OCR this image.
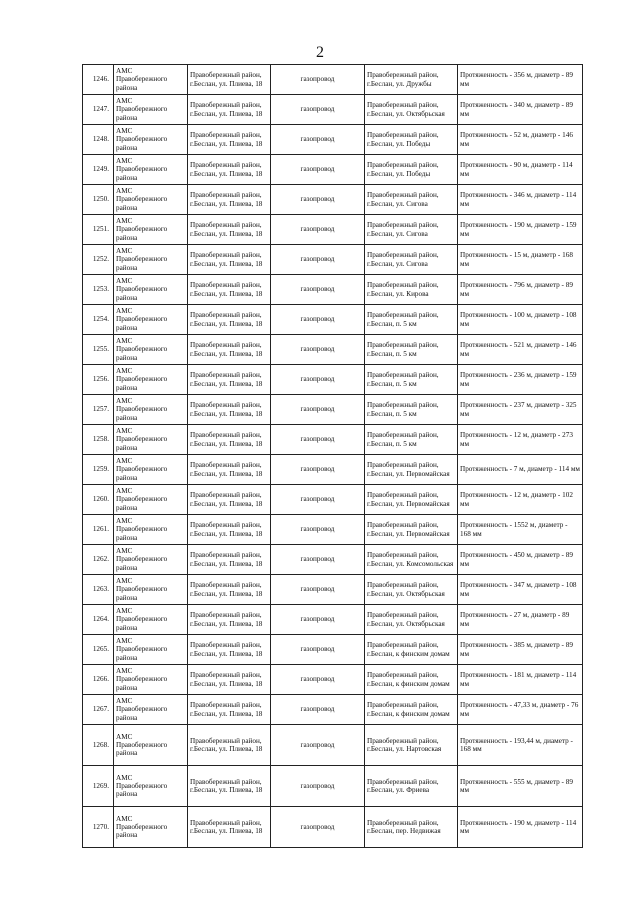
2
1246.	АМС Правобережного района	Правобережный район, г.Беслан, ул. Плиева, 18	газопровод	Правобережный район, г.Беслан, ул. Дружбы	Протяженность - 356 м, диаметр - 89 мм
1247.	АМС Правобережного района	Правобережный район, г.Беслан, ул. Плиева, 18	газопровод	Правобережный район, г.Беслан, ул. Октябрьская	Протяженность - 340 м, диаметр - 89 мм
1248.	АМС Правобережного района	Правобережный район, г.Беслан, ул. Плиева, 18	газопровод	Правобережный район, г.Беслан, ул. Победы	Протяженность - 52 м, диаметр - 146 мм
1249.	АМС Правобережного района	Правобережный район, г.Беслан, ул. Плиева, 18	газопровод	Правобережный район, г.Беслан, ул. Победы	Протяженность - 90 м, диаметр - 114 мм
1250.	АМС Правобережного района	Правобережный район, г.Беслан, ул. Плиева, 18	газопровод	Правобережный район, г.Беслан, ул. Сигова	Протяженность - 346 м, диаметр - 114 мм
1251.	АМС Правобережного района	Правобережный район, г.Беслан, ул. Плиева, 18	газопровод	Правобережный район, г.Беслан, ул. Сигова	Протяженность - 190 м, диаметр - 159 мм
1252.	АМС Правобережного района	Правобережный район, г.Беслан, ул. Плиева, 18	газопровод	Правобережный район, г.Беслан, ул. Сигова	Протяженность - 15 м, диаметр - 168 мм
1253.	АМС Правобережного района	Правобережный район, г.Беслан, ул. Плиева, 18	газопровод	Правобережный район, г.Беслан, ул. Кирова	Протяженность - 796 м, диаметр - 89 мм
1254.	АМС Правобережного района	Правобережный район, г.Беслан, ул. Плиева, 18	газопровод	Правобережный район, г.Беслан, п. 5 км	Протяженность - 100 м, диаметр - 108 мм
1255.	АМС Правобережного района	Правобережный район, г.Беслан, ул. Плиева, 18	газопровод	Правобережный район, г.Беслан, п. 5 км	Протяженность - 521 м, диаметр - 146 мм
1256.	АМС Правобережного района	Правобережный район, г.Беслан, ул. Плиева, 18	газопровод	Правобережный район, г.Беслан, п. 5 км	Протяженность - 236 м, диаметр - 159 мм
1257.	АМС Правобережного района	Правобережный район, г.Беслан, ул. Плиева, 18	газопровод	Правобережный район, г.Беслан, п. 5 км	Протяженность - 237 м, диаметр - 325 мм
1258.	АМС Правобережного района	Правобережный район, г.Беслан, ул. Плиева, 18	газопровод	Правобережный район, г.Беслан, п. 5 км	Протяженность - 12 м, диаметр - 273 мм
1259.	АМС Правобережного района	Правобережный район, г.Беслан, ул. Плиева, 18	газопровод	Правобережный район, г.Беслан, ул. Первомайская	Протяженность - 7 м, диаметр - 114 мм
1260.	АМС Правобережного района	Правобережный район, г.Беслан, ул. Плиева, 18	газопровод	Правобережный район, г.Беслан, ул. Первомайская	Протяженность - 12 м, диаметр - 102 мм
1261.	АМС Правобережного района	Правобережный район, г.Беслан, ул. Плиева, 18	газопровод	Правобережный район, г.Беслан, ул. Первомайская	Протяженность - 1552 м, диаметр - 168 мм
1262.	АМС Правобережного района	Правобережный район, г.Беслан, ул. Плиева, 18	газопровод	Правобережный район, г.Беслан, ул. Комсомольская	Протяженность - 450 м, диаметр - 89 мм
1263.	АМС Правобережного района	Правобережный район, г.Беслан, ул. Плиева, 18	газопровод	Правобережный район, г.Беслан, ул. Октябрьская	Протяженность - 347 м, диаметр - 108 мм
1264.	АМС Правобережного района	Правобережный район, г.Беслан, ул. Плиева, 18	газопровод	Правобережный район, г.Беслан, ул. Октябрьская	Протяженность - 27 м, диаметр - 89 мм
1265.	АМС Правобережного района	Правобережный район, г.Беслан, ул. Плиева, 18	газопровод	Правобережный район, г.Беслан, к финским домам	Протяженность - 385 м, диаметр - 89 мм
1266.	АМС Правобережного района	Правобережный район, г.Беслан, ул. Плиева, 18	газопровод	Правобережный район, г.Беслан, к финским домам	Протяженность - 181 м, диаметр - 114 мм
1267.	АМС Правобережного района	Правобережный район, г.Беслан, ул. Плиева, 18	газопровод	Правобережный район, г.Беслан, к финским домам	Протяженность - 47,33 м, диаметр - 76 мм
1268.	АМС Правобережного района	Правобережный район, г.Беслан, ул. Плиева, 18	газопровод	Правобережный район, г.Беслан, ул. Нартовская	Протяженность - 193,44 м, диаметр - 168 мм
1269.	АМС Правобережного района	Правобережный район, г.Беслан, ул. Плиева, 18	газопровод	Правобережный район, г.Беслан, ул. Фриева	Протяженность - 555 м, диаметр - 89 мм
1270.	АМС Правобережного района	Правобережный район, г.Беслан, ул. Плиева, 18	газопровод	Правобережный район, г.Беслан, пер. Недвижая	Протяженность - 190 м, диаметр - 114 мм
